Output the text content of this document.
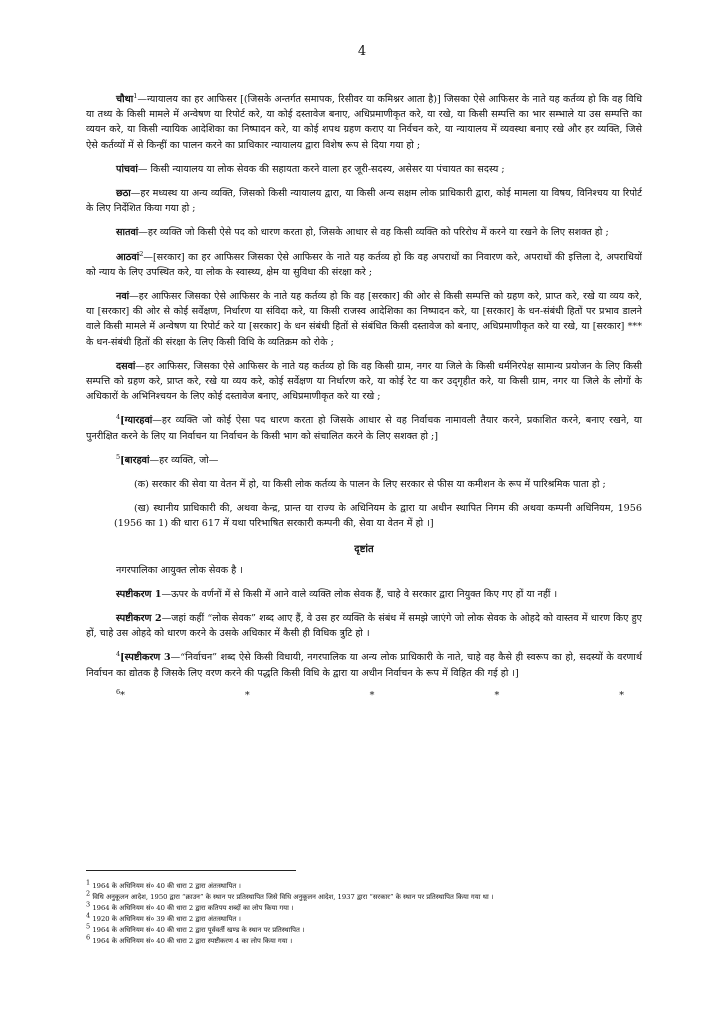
4

चौथा$^1$—न्यायालय का हर आफिसर [(जिसके अन्तर्गत समापक, रिसीवर या कमिश्नर आता है)] जिसका ऐसे आफिसर के नाते यह कर्तव्य हो कि वह विधि या तथ्य के किसी मामले में अन्वेषण या रिपोर्ट करे, या कोई दस्तावेज बनाए, अधिप्रमाणीकृत करे, या रखे, या किसी सम्पत्ति का भार सम्भाले या उस सम्पत्ति का व्ययन करे, या किसी न्यायिक आदेशिका का निष्पादन करे, या कोई शपथ ग्रहण कराए या निर्वचन करे, या न्यायालय में व्यवस्था बनाए रखे और हर व्यक्ति, जिसे ऐसे कर्तव्यों में से किन्हीं का पालन करने का प्राधिकार न्यायालय द्वारा विशेष रूप से दिया गया हो ;

पांचवां— किसी न्यायालय या लोक सेवक की सहायता करने वाला हर जूरी-सदस्य, असेसर या पंचायत का सदस्य ;

छठा—हर मध्यस्थ या अन्य व्यक्ति, जिसको किसी न्यायालय द्वारा, या किसी अन्य सक्षम लोक प्राधिकारी द्वारा, कोई मामला या विषय, विनिश्चय या रिपोर्ट के लिए निर्देशित किया गया हो ;

सातवां—हर व्यक्ति जो किसी ऐसे पद को धारण करता हो, जिसके आधार से वह किसी व्यक्ति को परिरोध में करने या रखने के लिए सशक्त हो ;

आठवां$^2$—[सरकार] का हर आफिसर जिसका ऐसे आफिसर के नाते यह कर्तव्य हो कि वह अपराधों का निवारण करे, अपराधों की इत्तिला दे, अपराधियों को न्याय के लिए उपस्थित करे, या लोक के स्वास्थ्य, क्षेम या सुविधा की संरक्षा करे ;

नवां—हर आफिसर जिसका ऐसे आफिसर के नाते यह कर्तव्य हो कि वह [सरकार] की ओर से किसी सम्पत्ति को ग्रहण करे, प्राप्त करे, रखे या व्यय करे, या [सरकार] की ओर से कोई सर्वेक्षण, निर्धारण या संविदा करे, या किसी राजस्व आदेशिका का निष्पादन करे, या [सरकार] के धन-संबंधी हितों पर प्रभाव डालने वाले किसी मामले में अन्वेषण या रिपोर्ट करे या [सरकार] के धन संबंधी हितों से संबंधित किसी दस्तावेज को बनाए, अधिप्रमाणीकृत करे या रखे, या [सरकार] *** के धन-संबंधी हितों की संरक्षा के लिए किसी विधि के व्यतिक्रम को रोके ;

दसवां—हर आफिसर, जिसका ऐसे आफिसर के नाते यह कर्तव्य हो कि वह किसी ग्राम, नगर या जिले के किसी धर्मनिरपेक्ष सामान्य प्रयोजन के लिए किसी सम्पत्ति को ग्रहण करे, प्राप्त करे, रखे या व्यय करे, कोई सर्वेक्षण या निर्धारण करे, या कोई रेट या कर उद्‌गृहीत करे, या किसी ग्राम, नगर या जिले के लोगों के अधिकारों के अभिनिश्चयन के लिए कोई दस्तावेज बनाए, अधिप्रमाणीकृत करे या रखे ;

$^4$[ग्यारहवां—हर व्यक्ति जो कोई ऐसा पद धारण करता हो जिसके आधार से वह निर्वाचक नामावली तैयार करने, प्रकाशित करने, बनाए रखने, या पुनरीक्षित करने के लिए या निर्वाचन या निर्वाचन के किसी भाग को संचालित करने के लिए सशक्त हो ;]

$^5$[बारहवां—हर व्यक्ति, जो—

(क) सरकार की सेवा या वेतन में हो, या किसी लोक कर्तव्य के पालन के लिए सरकार से फीस या कमीशन के रूप में पारिश्रमिक पाता हो ;

(ख) स्थानीय प्राधिकारी की, अथवा केन्द्र, प्रान्त या राज्य के अधिनियम के द्वारा या अधीन स्थापित निगम की अथवा कम्पनी अधिनियम, 1956 (1956 का 1) की धारा 617 में यथा परिभाषित सरकारी कम्पनी की, सेवा या वेतन में हो ।]

दृष्टांत

नगरपालिका आयुक्त लोक सेवक है ।

स्पष्टीकरण 1—ऊपर के वर्णनों में से किसी में आने वाले व्यक्ति लोक सेवक हैं, चाहे वे सरकार द्वारा नियुक्त किए गए हों या नहीं ।

स्पष्टीकरण 2—जहां कहीं “लोक सेवक” शब्द आए हैं, वे उस हर व्यक्ति के संबंध में समझे जाएंगे जो लोक सेवक के ओहदे को वास्तव में धारण किए हुए हों, चाहे उस ओहदे को धारण करने के उसके अधिकार में कैसी ही विधिक त्रुटि हो ।

$^4$[स्पष्टीकरण 3—“निर्वाचन” शब्द ऐसे किसी विधायी, नगरपालिक या अन्य लोक प्राधिकारी के नाते, चाहे वह कैसे ही स्वरूप का हो, सदस्यों के वरणार्थ निर्वाचन का द्योतक है जिसके लिए वरण करने की पद्धति किसी विधि के द्वारा या अधीन निर्वाचन के रूप में विहित की गई हो ।]

$^6$*	*	*	*	*

1 1964 के अधिनियम सं० 40 की धारा 2 द्वारा अंतःस्थापित ।

2 विधि अनुकूलन आदेश, 1950 द्वारा “क्राउन” के स्थान पर प्रतिस्थापित जिसे विधि अनुकूलन आदेश, 1937 द्वारा “सरकार” के स्थान पर प्रतिस्थापित किया गया था ।

3 1964 के अधिनियम सं० 40 की धारा 2 द्वारा कतिपय शब्दों का लोप किया गया ।

4 1920 के अधिनियम सं० 39 की धारा 2 द्वारा अंतःस्थापित ।

5 1964 के अधिनियम सं० 40 की धारा 2 द्वारा पूर्ववर्ती खण्ड के स्थान पर प्रतिस्थापित ।

6 1964 के अधिनियम सं० 40 की धारा 2 द्वारा स्पष्टीकरण 4 का लोप किया गया ।
